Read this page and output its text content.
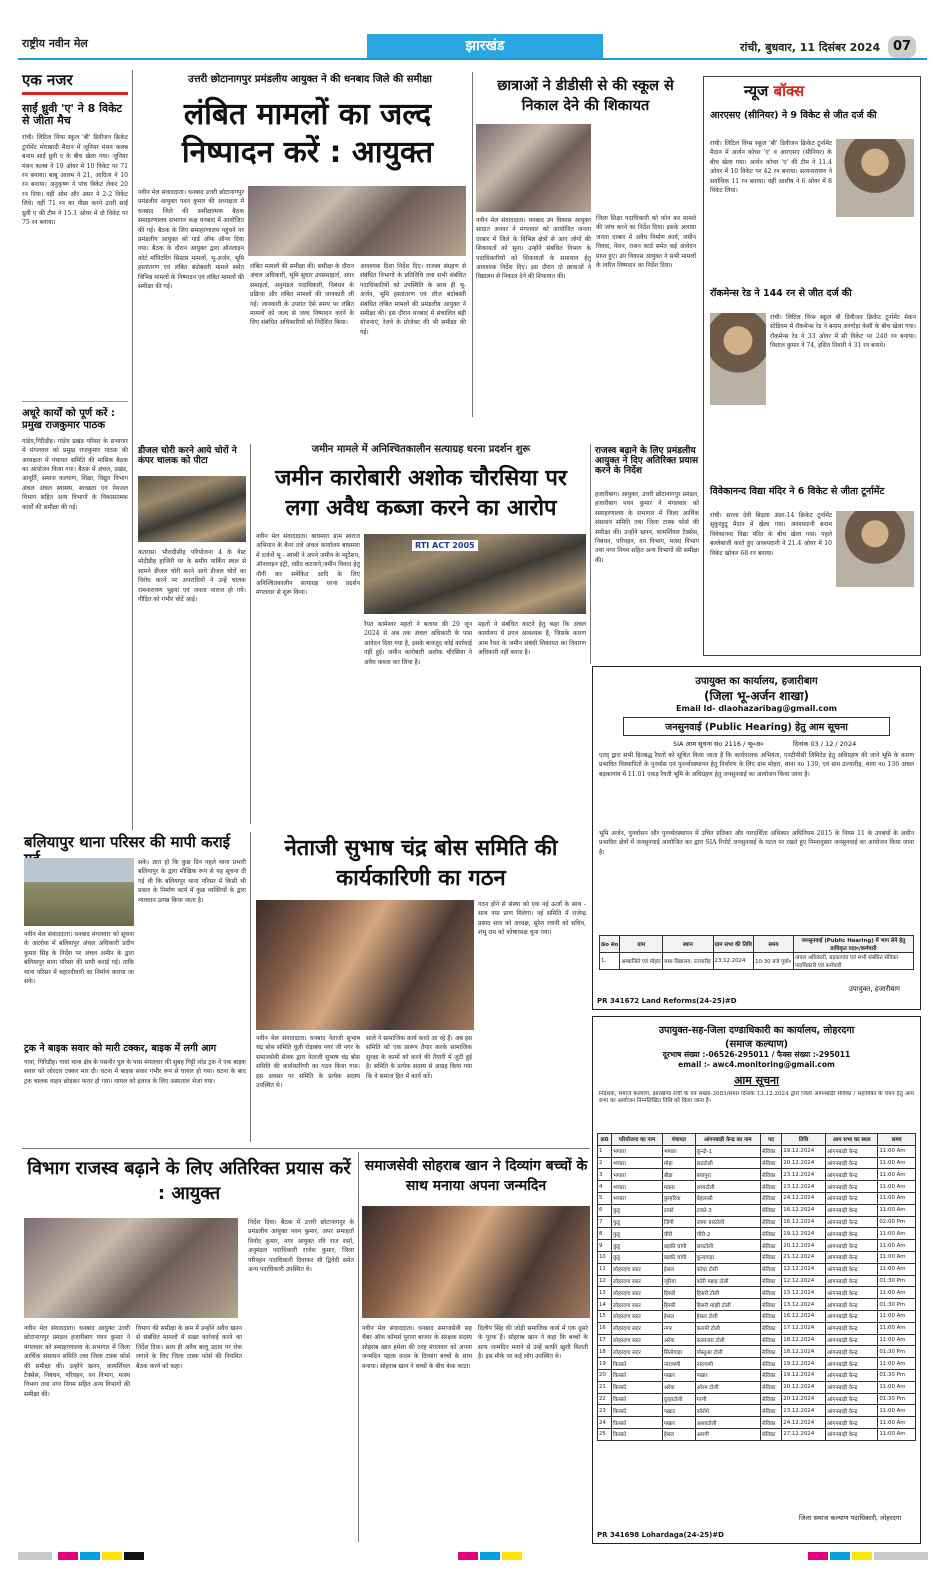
राष्ट्रीय नवीन मेल	झारखंड	रांची, बुधवार, 11 दिसंबर 2024 07
एक नजर
साईं ध्रुवी 'ए' ने 8 विकेट से जीता मैच
रांची। लिटिल विंग्स स्कूल 'बी' डिवीजन क्रिकेट टूर्नामेंट मोराबादी मैदान में जूनियर मंथन कलब बनाम साईं ध्रुवी ए के बीच खेला गया। जूनियर मंथन कलब ने 19 ओवर में 10 विकेट पर 71 रन बनाया। बाबू आलम ने 21, आदित्य ने 10 रन बनाया। अनुकृष्ण ने पांच विकेट लेकर 20 रन दिया। वहीं ओम और अमर ने 2-2 विकेट लिये। वहीं 71 रन का पीछा करने उतरी साईं ध्रुवी ए की टीम ने 15.1 ओवर में दो विकेट पर 75 रन बनाया।
अधूरे कार्यों को पूर्ण करें : प्रमुख राजकुमार पाठक
गांडेय,गिरिडीह। गांडेय प्रखंड परिसर के सभागार में मंगलवार को प्रमुख राजकुमार पाठक की अध्यक्षता में पंचायत समिति की मासिक बैठक का आयोजन किया गया। बैठक में अंचल, प्रखंड, आपूर्ति, समाज कल्याण, शिक्षा, विद्युत विभाग अंचल अंचल स्वास्थ्य, स्वच्छता एवं पेयजल विभाग सहित अन्य विभागों के विकासात्मक कार्यों की समीक्षा की गई।
उत्तरी छोटानागपुर प्रमंडलीय आयुक्त ने की धनबाद जिले की समीक्षा
लंबित मामलों का जल्द निष्पादन करें : आयुक्त
नवीन मेल संवाददाता। धनबाद उत्तरी छोटानागपुर प्रमंडलीय आयुक्त पवन कुमार की अध्यक्षता में धनबाद जिले की समीक्षात्मक बैठक समाहरणालय सभागार कक्ष धनबाद में आयोजित की गई। बैठक के लिए समाहरणालय पहुंचने पर प्रमंडलीय आयुक्त को गार्ड ऑफ ऑनर दिया गया। बैठक के दौरान आयुक्त द्वारा ऑनलाइन कोर्ट मॉनिटरिंग सिस्टम मामलों, भू-अर्जन, भूमि हस्तांतरण एवं लंबित बंदोबस्ती मामले समेत विभिन्न मामलों के निष्पादन एवं लंबित मामलों की समीक्षा की गई।
लंबित मामलों की समीक्षा की। समीक्षा के दौरान अंचल अधिकारी, भूमि सुधार उपसमाहर्ता, अपर समाहर्ता, अनुमंडल पदाधिकारी, निबंधन के प्रक्रिया और लंबित मामलों की जानकारी ली गई। जानकारी के उपरांत ऐसे समय पर लंबित मामलों को जल्द से जल्द निष्पादन करने के लिए संबंधित अधिकारियों को निर्देशित किया।
आवश्यक दिशा निर्देश दिए। राजस्व संग्रहण से संबंधित विभागों के प्रतिनिधि तथा सभी संबंधित पदाधिकारियों को उपस्थिति के साथ ही भू-अर्जन, भूमि हस्तांतरण एवं लीज बंदोबस्ती संबंधित लंबित मामलों की प्रमंडलीय आयुक्त ने समीक्षा की। इस दौरान धनबाद में संचालित बड़ी योजनाएं, रेलवे के प्रोजेक्ट की भी समीक्षा की गई।
छात्राओं ने डीडीसी से की स्कूल से निकाल देने की शिकायत
नवीन मेल संवाददाता। धनबाद उप विकास आयुक्त सादात अनवर ने मंगलवार को आयोजित जनता दरबार में जिले के विभिन्न क्षेत्रों से आए लोगों की शिकायतों को सुना। उन्होंने संबंधित विभाग के पदाधिकारियों को शिकायतों के समाधान हेतु आवश्यक निर्देश दिए। इस दौरान दो छात्राओं ने विद्यालय से निकाल देने की शिकायत की।
जिला शिक्षा पदाधिकारी को फोन कर मामले की जांच करने का निर्देश दिया। इसके अलावा जनता दरबार में अवैध निर्माण कार्य, जमीन विवाद, पेंशन, राशन कार्ड समेत कई आवेदन प्राप्त हुए। उप विकास आयुक्त ने सभी मामलों के त्वरित निष्पादन का निर्देश दिया।
न्यूज बॉक्स
आरएसए (सीनियर) ने 9 विकेट से जीत दर्ज की
रांची। लिटिल विंग्स स्कूल 'बी' डिवीजन क्रिकेट टूर्नामेंट मैदान में आर्यन कोचर 'ए' व आरएसए (सीनियर) के बीच खेला गया। आर्यन कोचर 'ए' की टीम ने 11.4 ओवर में 10 विकेट पर 42 रन बनाया। सत्यनारायण ने सर्वाधिक 11 रन बनाया। वहीं आशीष ने 6 ओवर में 8 विकेट लिया।
रॉकमेन्स रेड ने 144 रन से जीत दर्ज की
रांची। लिटिल विंग्स स्कूल बी डिवीजन क्रिकेट टूर्नामेंट मेकन स्टेडियम में रॉकमेन्स रेड ने बनाम अरगोड़ा केसी के बीच खेला गया। रॉकमेन्स रेड ने 33 ओवर में सी विकेट पर 240 रन बनाया। विशाल कुमार ने 74, इशित तिवारी ने 31 रन बनाये।
विवेकानन्द विद्या मंदिर ने 6 विकेट से जीता टूर्नामेंट
रांची। सरला देवी बिड़ला अंडर-14 क्रिकेट टूर्नामेंट सुकुरहुटू मैदान में खेला गया। अवश्यदानी बनाम विवेकानन्द विद्या मंदिर के बीच खेला गया। पहले बल्लेबाजी करते हुए अवश्यदानी ने 21.4 ओवर में 10 विकेट खोकर 68 रन बनाया।
डीजल चोरी करने आये चोरों ने कंपर चालक को पीटा
कतरास। भौरादीसीह परियोजना 4 के वेस्ट मोदीडीह हाजिरी घर के समीप पार्किंग स्थल से सामने डीजल चोरी करने आये डीजल चोरों का विरोध करने पर अपराधियों ने उन्हें चालक रामनारायण भुइयां एवं जनता नाराज हो गये। पीड़ित को गंभीर चोटें आई।
जमीन मामले में अनिश्चितकालीन सत्याग्रह धरना प्रदर्शन शुरू
जमीन कारोबारी अशोक चौरसिया पर लगा अवैध कब्जा करने का आरोप
नवीन मेल संवाददाता। बाघमारा ग्राम स्वराज अभियान के बैनर तले अंचल कार्यालय बाघमारा में दर्जनों भू - स्वामी ने अपने जमीन के म्यूटेशन, ऑनलाइन इंट्री, रसीद कटवाने,जमीन विवाद हेतु नौगी कर समेकित आदि के लिए अनिश्चितकालीन सत्याग्रह धरना प्रदर्शन मंगलवार से शुरू किया।
RTI ACT 2005
रैयत कामेश्वर महतो ने बताया की 29 जून 2024 से अब तक अंचल अधिकारी के पास आवेदन दिया गया है, इसके बावजूद कोई कार्रवाई नहीं हुई। जमीन कारोबारी अशोक चौरसिया ने अवैध कब्जा कर लिया है।
महतो ने संबंधित काटने हेतु कहा कि अंचल कार्यालय में प्रपत्र आवश्यक है, जिसके कारण आम रैयत के जमीन संबंधी शिकायत का निवारण अधिकारी नहीं करता है।
राजस्व बढ़ाने के लिए प्रमंडलीय आयुक्त ने दिए अतिरिक्त प्रयास करने के निर्देश
हजारीबाग। आयुक्त, उत्तरी छोटानागपुर प्रमंडल, हजारीबाग पवन कुमार ने मंगलवार को समाहरणालय के सभागार में जिला आर्थिक संसाधन समिति तथा जिला टास्क फोर्स की समीक्षा की। उन्होंने खनन, कामर्शियल टैक्सेस, निबंधन, परिवहन, वन विभाग, मत्स्य विभाग तथा नगर निगम सहित अन्य विभागों की समीक्षा की।
उपायुक्त का कार्यालय, हजारीबाग
(जिला भू-अर्जन शाखा)
Email Id- dlaohazaribag@gmail.com
जनसुनवाई (Public Hearing) हेतु आम सूचना
SIA आम सूचना संo 2116 / भू०अ०	दिनांक 03 / 12 / 2024
एतद् द्वारा सभी हितबद्ध रैयतों को सूचित किया जाता है कि कार्यपालक अभियंता, एनटीपीसी लिमिटेड हेतु अधिग्रहण की जाने भूमि के कारण प्रभावित विस्थापितों के पुनर्वास एवं पुनर्व्यवस्थापन हेतु निर्धारण के लिए ग्राम मोहरा, थाना नo 139, एवं ग्राम उज्यारीह, थाना नo 136 अंचल बड़कागांव में 11.01 एकड़ रैयती भूमि के अधिग्रहण हेतु जनसुनवाई का आयोजन किया जाना है।
भूमि अर्जन, पुनर्वासन और पुनर्व्यवस्थापन में उचित प्रतिकर और पारदर्शिता अधिकार अधिनियम 2015 के नियम 11 के उपबंधों के अधीन प्रभावित क्षेत्रों में जनसुनवाई आयोजित कर द्वारा SIA रिपोर्ट जनसुनवाई के पटल पर रखते हुए निम्नानुसार जनसुनवाई का आयोजन किया जाना है।
क्रo सo	ग्राम	स्थान	ग्राम सभा की तिथि	समय	जनसुनवाई (Public Hearing) में भाग लेने हेतु प्राधिकृत पदा०/कर्मचारी
1.	अम्बाजिते एवं मोहरा	मध्य विद्यालय, उज्यारीह	23.12.2024	10:30 बजे पूर्वा०	अंचल अधिकारी, बड़कागांव एवं सभी संबंधित सेविका पदाधिकारी एवं कर्मचारी
उपायुक्त, हजारीबाग
PR 341672 Land Reforms(24-25)#D
बलियापुर थाना परिसर की मापी कराई
नवीन मेल संवाददाता। धनबाद मंगलवार को सूचना के आलोक में बलियापुर अंचल अधिकारी प्रदीप कुमार सिंह के निर्देश पर अंचल अमीन के द्वारा बलियापुर थाना परिसर की मापी कराई गई। ताकि थाना परिसर में चहारदीवारी का निर्माण कराया जा सके।
सके। ज्ञात हो कि कुछ दिन पहले थाना प्रभारी बलियापुर के द्वारा मौखिक रूप से यह सूचना दी गई थी कि बलियापुर थाना परिसर में किसी भी प्रकार के निर्माण कार्य में कुछ व्यक्तियों के द्वारा व्यवधान उत्पन्न किया जाता है।
ट्रक ने बाइक सवार को मारी टक्कर, बाइक में लगी आग
गावां, गिरिडीह। गावां थाना क्षेत्र के पसनौर पुल के पास मंगलवार की सुबह गिट्टी लोड ट्रक ने एक बाइक सवार को जोरदार टक्कर मार दी। घटना में बाइक सवार गंभीर रूप से घायल हो गया। घटना के बाद ट्रक चालक वाहन छोड़कर फरार हो गया। घायल को इलाज के लिए अस्पताल भेजा गया।
नेताजी सुभाष चंद्र बोस समिति की कार्यकारिणी का गठन
नवीन मेल संवाददाता। धनबाद नेताजी सुभाष चंद्र बोस समिति धूली रोड़ाबंध नगर जी नगर के समाजसेवी सेवक द्वारा नेताजी सुभाष चंद्र बोस समिति की कार्यकारिणी का गठन किया गया। इस अवसर पर समिति के प्रत्येक सदस्य उपस्थित थे।
साले ने सामाजिक कार्य करते आ रहे हैं। अब इस समिति को एक प्रारूप तैयार करके सामाजिक सुरक्षा के कामों को करने की तैयारी में जुटी हुई है। समिति के प्रत्येक सदस्य से आग्रह किया गया कि वे समाज हित में कार्य करें।
गठन होने से संस्था को एक नई ऊर्जा के साथ - साथ नया प्राण मिलेगा। नई समिति में राजेन्द्र प्रसाद साव को अध्यक्ष, सुरेश रवानी को सचिव, शंभू राम को कोषाध्यक्ष चुना गया।
विभाग राजस्व बढ़ाने के लिए अतिरिक्त प्रयास करें : आयुक्त
नवीन मेल संवाददाता। धनबाद आयुक्त उत्तरी छोटानागपुर प्रमंडल हजारीबाग पवन कुमार ने मंगलवार को समाहरणालय के सभागार में जिला आर्थिक संसाधन समिति तथा जिला टास्क फोर्स की समीक्षा की। उन्होंने खनन, कामर्शियल टैक्सेस, निबंधन, परिवहन, वन विभाग, मत्स्य विभाग तथा नगर निगम सहित अन्य विभागों की समीक्षा की।
विभाग की समीक्षा के क्रम में उन्होंने अवैध खनन से संबंधित मामलों में सख्त कार्रवाई करने का निर्देश दिया। साथ ही अवैध बालू उठाव पर रोक लगाने के लिए जिला टास्क फोर्स की नियमित बैठक करने को कहा।
निर्देश दिया। बैठक में उत्तरी छोटानागपुर के प्रमंडलीय आयुक्त पवन कुमार, अपर समाहर्ता विनोद कुमार, नगर आयुक्त रवि राज शर्मा, अनुमंडल पदाधिकारी राजेश कुमार, जिला परिवहन पदाधिकारी दिवाकर सी द्विवेदी समेत अन्य पदाधिकारी उपस्थित थे।
समाजसेवी सोहराब खान ने दिव्यांग बच्चों के साथ मनाया अपना जन्मदिन
नवीन मेल संवाददाता। धनबाद समाजसेवी सह चैंबर ऑफ कॉमर्स पुराना बाजार के संरक्षक सदस्य सोहराब खान हमेशा की तरह मंगलवार को अपना जन्मदिन पहला कदम के दिव्यांग बच्चों के साथ मनाया। सोहराब खान ने बच्चों के बीच केक काटा।
दिलीप सिंह की जोड़ी समाजिक कार्य में एक दूसरे के पूरक हैं। सोहराब खान ने कहा कि बच्चों के साथ जन्मदिन मनाने से उन्हें काफी खुशी मिलती है। इस मौके पर कई लोग उपस्थित थे।
उपायुक्त-सह-जिला दण्डाधिकारी का कार्यालय, लोहरदगा
(समाज कल्याण)
दूरभाष संख्या :-06526-295011 / फैक्स संख्या :-295011
email :- awc4.monitoring@gmail.com
आम सूचना
निदेशक, समाज कल्याण, झारखण्ड रांची के पत्र संख्या-3083/सम0 दिनांक 13.12.2024 द्वारा जिला आंगनबाड़ी सेविका / सहायिका के चयन हेतु आम सभा का आयोजन निम्नलिखित तिथि को किया जाना है।
क्र0	परियोजना का नाम	पंचायत	आंगनबाड़ी केन्द्र का नाम	पद	तिथि	आम सभा का स्थल	समय
1	भण्डरा	भण्डरा	कुन्दो-1	सेविका	19.12.2024	आंगनबाड़ी केन्द्र	11:00 Am
2	भण्डरा	मोहा	छठटोली	सेविका	20.12.2024	आंगनबाड़ी केन्द्र	11:00 Am
3	भण्डरा	बीड़ा	बयापुरा	सेविका	23.12.2024	आंगनबाड़ी केन्द्र	11:00 Am
4	भण्डरा	मकरा	धरमटोली	सेविका	23.12.2024	आंगनबाड़ी केन्द्र	11:00 Am
5	भण्डरा	कुम्हरिया	बेहलासी	सेविका	24.12.2024	आंगनबाड़ी केन्द्र	11:00 Am
6	कुडू	टाको	टाको-3	सेविका	16.12.2024	आंगनबाड़ी केन्द्र	11:00 Am
7	कुडू	जिंगी	जामा बारटोली	सेविका	16.12.2024	आंगनबाड़ी केन्द्र	02:00 Pm
8	कुडू	चीरी	चीरी-2	सेविका	19.12.2024	आंगनबाड़ी केन्द्र	11:00 Am
9	कुडू	बड़की चांपी	छारटोली	सेविका	20.12.2024	आंगनबाड़ी केन्द्र	11:00 Am
10	कुडू	बड़की चांपी	कुन्दगाड़ा	सेविका	21.12.2024	आंगनबाड़ी केन्द्र	11:00 Am
11	लोहरदगा सदर	हेसल	कोचा टोली	सेविका	12.12.2024	आंगनबाड़ी केन्द्र	11:00 Am
12	लोहरदगा सदर	जूरिया	कोरी पहाड़ टोली	सेविका	12.12.2024	आंगनबाड़ी केन्द्र	01:30 Pm
13	लोहरदगा सदर	हिसरी	हिसरी टोली	सेविका	13.12.2024	आंगनबाड़ी केन्द्र	11:00 Am
14	लोहरदगा सदर	हिसरी	हिसरी मांझी टोली	सेविका	13.12.2024	आंगनबाड़ी केन्द्र	01:30 Pm
15	लोहरदगा सदर	हेसल	हेसल टोली	सेविका	16.12.2024	आंगनबाड़ी केन्द्र	11:00 Am
16	लोहरदगा सदर	नगर	कारमी टोली	सेविका	17.12.2024	आंगनबाड़ी केन्द्र	11:00 Am
17	लोहरदगा सदर	अरेया	करमजरा टोली	सेविका	18.12.2024	आंगनबाड़ी केन्द्र	11:00 Am
18	लोहरदगा सदर	सितोगाड़ा	पोस्तुआ टोली	सेविका	18.12.2024	आंगनबाड़ी केन्द्र	01:30 Pm
19	किस्को	नारायणी	नारायणी	सेविका	19.12.2024	आंगनबाड़ी केन्द्र	11:00 Am
20	किस्को	पखार	पखार	सेविका	19.12.2024	आंगनबाड़ी केन्द्र	01:30 Pm
21	किस्को	अरेया	ओरम टोली	सेविका	20.12.2024	आंगनबाड़ी केन्द्र	11:00 Am
22	किस्को	दूरहाटोली	गरपी	सेविका	20.12.2024	आंगनबाड़ी केन्द्र	01:30 Pm
23	किस्को	पखार	कोरोमे	सेविका	23.12.2024	आंगनबाड़ी केन्द्र	11:00 Am
24	किस्को	पखार	आशाटोली	सेविका	24.12.2024	आंगनबाड़ी केन्द्र	11:00 Am
25	किस्को	हेसल	आरगी	सेविका	27.12.2024	आंगनबाड़ी केन्द्र	11:00 Am
जिला समाज कल्याण पदाधिकारी, लोहरदगा
PR 341698 Lohardaga(24-25)#D
